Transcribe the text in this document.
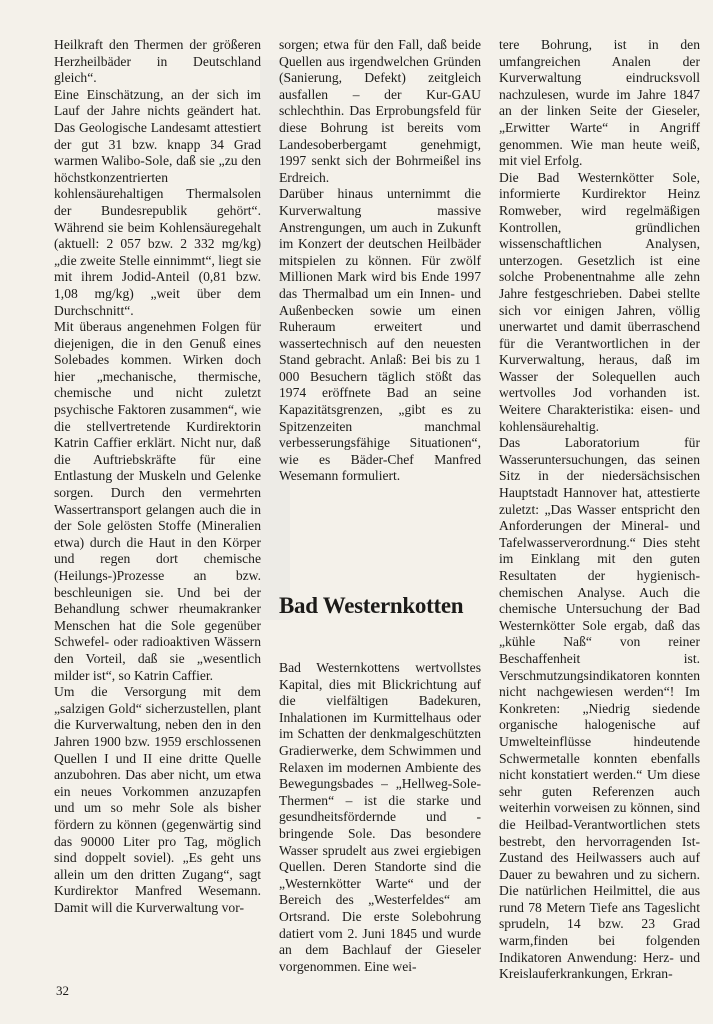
Heilkraft den Thermen der größeren Herzheilbäder in Deutschland gleich“.

Eine Einschätzung, an der sich im Lauf der Jahre nichts geändert hat. Das Geologische Landesamt attestiert der gut 31 bzw. knapp 34 Grad warmen Walibo-Sole, daß sie „zu den höchstkonzentrierten kohlensäurehaltigen Thermalsolen der Bundesrepublik gehört“. Während sie beim Kohlensäuregehalt (aktuell: 2 057 bzw. 2 332 mg/kg) „die zweite Stelle einnimmt“, liegt sie mit ihrem Jodid-Anteil (0,81 bzw. 1,08 mg/kg) „weit über dem Durchschnitt“.

Mit überaus angenehmen Folgen für diejenigen, die in den Genuß eines Solebades kommen. Wirken doch hier „mechanische, thermische, chemische und nicht zuletzt psychische Faktoren zusammen“, wie die stellvertretende Kurdirektorin Katrin Caffier erklärt. Nicht nur, daß die Auftriebskräfte für eine Entlastung der Muskeln und Gelenke sorgen. Durch den vermehrten Wassertransport gelangen auch die in der Sole gelösten Stoffe (Mineralien etwa) durch die Haut in den Körper und regen dort chemische (Heilungs-)Prozesse an bzw. beschleunigen sie. Und bei der Behandlung schwer rheumakranker Menschen hat die Sole gegenüber Schwefel- oder radioaktiven Wässern den Vorteil, daß sie „wesentlich milder ist“, so Katrin Caffier.

Um die Versorgung mit dem „salzigen Gold“ sicherzustellen, plant die Kurverwaltung, neben den in den Jahren 1900 bzw. 1959 erschlossenen Quellen I und II eine dritte Quelle anzubohren. Das aber nicht, um etwa ein neues Vorkommen anzuzapfen und um so mehr Sole als bisher fördern zu können (gegenwärtig sind das 90000 Liter pro Tag, möglich sind doppelt soviel). „Es geht uns allein um den dritten Zugang“, sagt Kurdirektor Manfred Wesemann. Damit will die Kurverwaltung vor-

sorgen; etwa für den Fall, daß beide Quellen aus irgendwelchen Gründen (Sanierung, Defekt) zeitgleich ausfallen – der Kur-GAU schlechthin. Das Erprobungsfeld für diese Bohrung ist bereits vom Landesoberbergamt genehmigt, 1997 senkt sich der Bohrmeißel ins Erdreich.

Darüber hinaus unternimmt die Kurverwaltung massive Anstrengungen, um auch in Zukunft im Konzert der deutschen Heilbäder mitspielen zu können. Für zwölf Millionen Mark wird bis Ende 1997 das Thermalbad um ein Innen- und Außenbecken sowie um einen Ruheraum erweitert und wassertechnisch auf den neuesten Stand gebracht. Anlaß: Bei bis zu 1 000 Besuchern täglich stößt das 1974 eröffnete Bad an seine Kapazitätsgrenzen, „gibt es zu Spitzenzeiten manchmal verbesserungsfähige Situationen“, wie es Bäder-Chef Manfred Wesemann formuliert.

Bad Westernkotten

Bad Westernkottens wertvollstes Kapital, dies mit Blickrichtung auf die vielfältigen Badekuren, Inhalationen im Kurmittelhaus oder im Schatten der denkmalgeschützten Gradierwerke, dem Schwimmen und Relaxen im modernen Ambiente des Bewegungsbades – „Hellweg-Sole-Thermen“ – ist die starke und gesundheitsfördernde und -bringende Sole. Das besondere Wasser sprudelt aus zwei ergiebigen Quellen. Deren Standorte sind die „Westernkötter Warte“ und der Bereich des „Westerfeldes“ am Ortsrand. Die erste Solebohrung datiert vom 2. Juni 1845 und wurde an dem Bachlauf der Gieseler vorgenommen. Eine wei-

tere Bohrung, ist in den umfangreichen Analen der Kurverwaltung eindrucksvoll nachzulesen, wurde im Jahre 1847 an der linken Seite der Gieseler, „Erwitter Warte“ in Angriff genommen. Wie man heute weiß, mit viel Erfolg.

Die Bad Westernkötter Sole, informierte Kurdirektor Heinz Romweber, wird regelmäßigen Kontrollen, gründlichen wissenschaftlichen Analysen, unterzogen. Gesetzlich ist eine solche Probenentnahme alle zehn Jahre festgeschrieben. Dabei stellte sich vor einigen Jahren, völlig unerwartet und damit überraschend für die Verantwortlichen in der Kurverwaltung, heraus, daß im Wasser der Solequellen auch wertvolles Jod vorhanden ist. Weitere Charakteristika: eisen- und kohlensäurehaltig.

Das Laboratorium für Wasseruntersuchungen, das seinen Sitz in der niedersächsischen Hauptstadt Hannover hat, attestierte zuletzt: „Das Wasser entspricht den Anforderungen der Mineral- und Tafelwasserverordnung.“ Dies steht im Einklang mit den guten Resultaten der hygienisch-chemischen Analyse. Auch die chemische Untersuchung der Bad Westernkötter Sole ergab, daß das „kühle Naß“ von reiner Beschaffenheit ist. Verschmutzungsindikatoren konnten nicht nachgewiesen werden“! Im Konkreten: „Niedrig siedende organische halogenische auf Umwelteinflüsse hindeutende Schwermetalle konnten ebenfalls nicht konstatiert werden.“ Um diese sehr guten Referenzen auch weiterhin vorweisen zu können, sind die Heilbad-Verantwortlichen stets bestrebt, den hervorragenden Ist-Zustand des Heilwassers auch auf Dauer zu bewahren und zu sichern. Die natürlichen Heilmittel, die aus rund 78 Metern Tiefe ans Tageslicht sprudeln, 14 bzw. 23 Grad warm,finden bei folgenden Indikatoren Anwendung: Herz- und Kreislauferkrankungen, Erkran-

32
